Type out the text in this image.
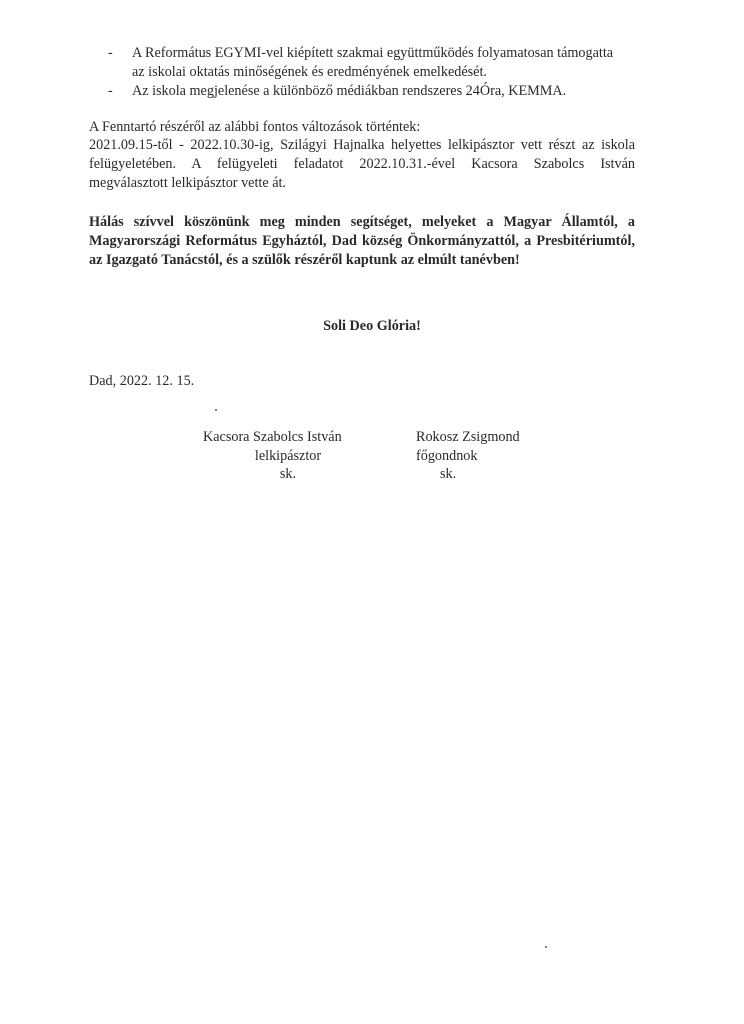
- A Református EGYMI-vel kiépített szakmai együttműködés folyamatosan támogatta
az iskolai oktatás minőségének és eredményének emelkedését.
- Az iskola megjelenése a különböző médiákban rendszeres 24Óra, KEMMA.
A Fenntartó részéről az alábbi fontos változások történtek:
2021.09.15-től - 2022.10.30-ig, Szilágyi Hajnalka helyettes lelkipásztor vett részt az iskola
felügyeletében. A felügyeleti feladatot 2022.10.31.-ével Kacsora Szabolcs István
megválasztott lelkipásztor vette át.
Hálás szívvel köszönünk meg minden segítséget, melyeket a Magyar Államtól, a
Magyarországi Református Egyháztól, Dad község Önkormányzattól, a Presbitériumtól,
az Igazgató Tanácstól, és a szülők részéről kaptunk az elmúlt tanévben!
Soli Deo Glória!
Dad, 2022. 12. 15.
Kacsora Szabolcs István
lelkipásztor
sk.
Rokosz Zsigmond
főgondnok
sk.
